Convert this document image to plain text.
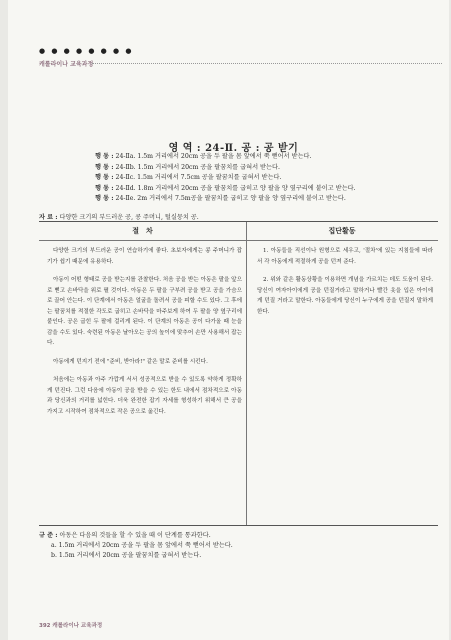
● ● ● ● ● ● ● ●
캐롤라이나 교육과정
영 역 : 24-Ⅱ. 공 : 공 받기
행 동 : 24-Ⅱa. 1.5m 거리에서 20cm 공을 두 팔을 몸 앞에서 쭉 뻗어서 받는다.
행 동 : 24-Ⅱb. 1.5m 거리에서 20cm 공을 팔꿈치를 굽혀서 받는다.
행 동 : 24-Ⅱc. 1.5m 거리에서 7.5cm 공을 팔꿈치를 굽혀서 받는다.
행 동 : 24-Ⅱd. 1.8m 거리에서 20cm 공을 팔꿈치를 굽히고 양 팔을 양 옆구리에 붙이고 받는다.
행 동 : 24-Ⅱe. 2m 거리에서 7.5m공을 팔꿈치를 굽히고 양 팔을 양 옆구리에 붙이고 받는다.
자 료 : 다양한 크기의 부드러운 공, 콩 주머니, 털실뭉치 공.
절　차	집단활동

다양한 크기의 부드러운 공이 연습하기에 좋다. 초보자에게는 콩 주머니가 잡기가 쉽기 때문에 유용하다.

아동이 어떤 형태로 공을 받는지를 관찰한다. 처음 공을 받는 아동은 팔을 앞으로 뻗고 손바닥을 위로 펼 것이다. 아동은 두 팔을 구부려 공을 받고 공을 가슴으로 끌어 안는다. 이 단계에서 아동은 얼굴을 돌려서 공을 피할 수도 있다. 그 후에는 팔꿈치를 적절한 각도로 굽히고 손바닥을 마주보게 하여 두 팔을 양 옆구리에 붙인다. 공은 굽힌 두 팔에 걸리게 된다. 이 단계의 아동은 공이 다가올 때 눈을 감을 수도 있다. 숙련된 아동은 날아오는 공의 높이에 맞추어 손만 사용해서 잡는다.

아동에게 던지기 전에 "준비, 받아라!" 같은 말로 준비를 시킨다.

처음에는 아동과 아주 가깝게 서서 성공적으로 받을 수 있도록 약하게 정확하게 던진다. 그런 다음에 아동이 공을 받을 수 있는 한도 내에서 점차적으로 아동과 당신과의 거리를 넓힌다. 더욱 완전한 잡기 자세를 형성하기 위해서 큰 공을 가지고 시작하여 점차적으로 작은 공으로 옮긴다.

1. 아동들을 직선이나 원형으로 세우고, '절차'에 있는 지침들에 따라서 각 아동에게 적절하게 공을 던져 준다.

2. 위와 같은 활동상황을 이용하면 개념을 가르치는 데도 도움이 된다. 당신이 여자아이에게 공을 던질거라고 말하거나 빨간 옷을 입은 아이에게 던질 거라고 말한다. 아동들에게 당신이 누구에게 공을 던질지 말하게 한다.

규 준 : 아동은 다음의 것들을 할 수 있을 때 이 단계를 통과한다.
a. 1.5m 거리에서 20cm 공을 두 팔을 몸 앞에서 쭉 뻗어서 받는다.
b. 1.5m 거리에서 20cm 공을 팔꿈치를 굽혀서 받는다.
392 캐롤라이나 교육과정
